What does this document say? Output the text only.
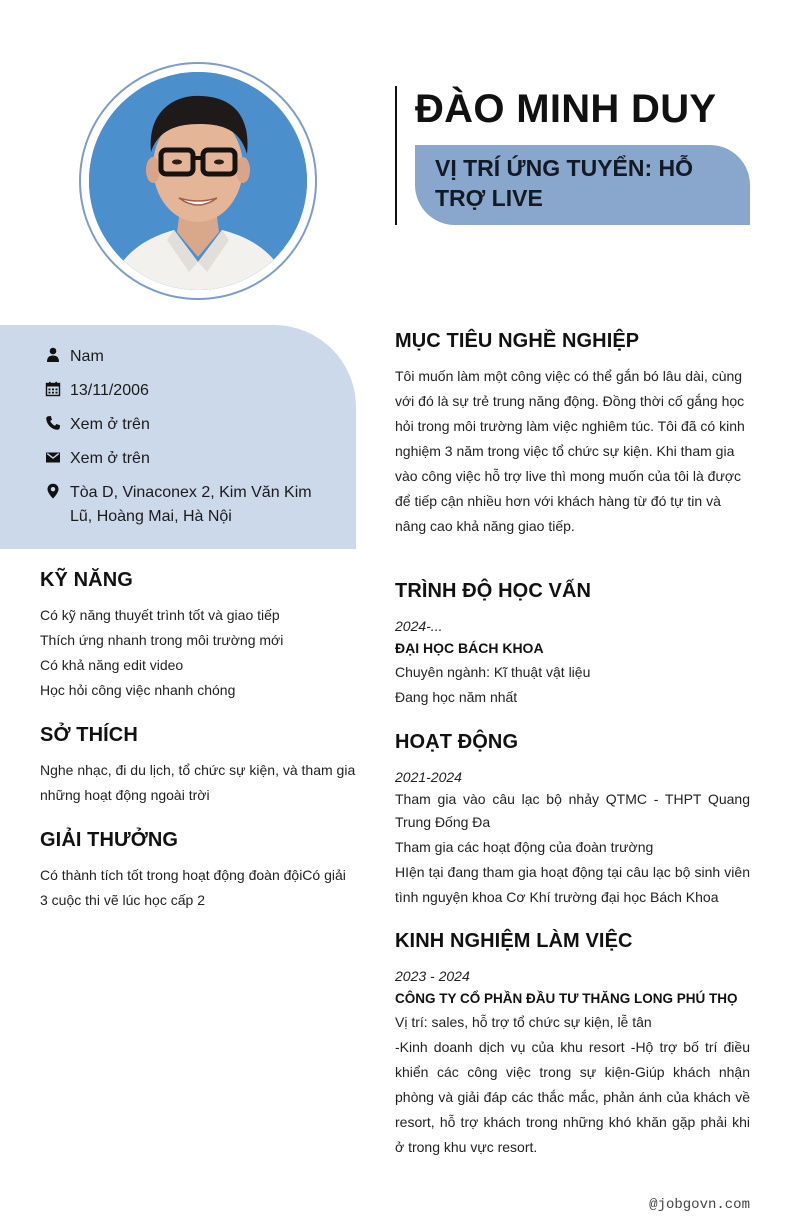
ĐÀO MINH DUY
VỊ TRÍ ỨNG TUYỂN: HỖ TRỢ LIVE
Nam
13/11/2006
Xem ở trên
Xem ở trên
Tòa D, Vinaconex 2, Kim Văn Kim Lũ, Hoàng Mai, Hà Nội
KỸ NĂNG
Có kỹ năng thuyết trình tốt và giao tiếp
Thích ứng nhanh trong môi trường mới
Có khả năng edit video
Học hỏi công việc nhanh chóng
SỞ THÍCH
Nghe nhạc, đi du lịch, tổ chức sự kiện, và tham gia những hoạt động ngoài trời
GIẢI THƯỞNG
Có thành tích tốt trong hoạt động đoàn độiCó giải 3 cuộc thi vẽ lúc học cấp 2
MỤC TIÊU NGHỀ NGHIỆP
Tôi muốn làm một công việc có thể gắn bó lâu dài, cùng với đó là sự trẻ trung năng động. Đồng thời cố gắng học hỏi trong môi trường làm việc nghiêm túc. Tôi đã có kinh nghiệm 3 năm trong việc tổ chức sự kiện. Khi tham gia vào công việc hỗ trợ live thì mong muốn của tôi là được để tiếp cận nhiều hơn với khách hàng từ đó tự tin và nâng cao khả năng giao tiếp.
TRÌNH ĐỘ HỌC VẤN
2024-...
ĐẠI HỌC BÁCH KHOA
Chuyên ngành: Kĩ thuật vật liệu
Đang học năm nhất
HOẠT ĐỘNG
2021-2024
Tham gia vào câu lạc bộ nhảy QTMC - THPT Quang Trung Đống Đa
Tham gia các hoạt động của đoàn trường
HIện tại đang tham gia hoạt động tại câu lạc bộ sinh viên tình nguyện khoa Cơ Khí trường đại học Bách Khoa
KINH NGHIỆM LÀM VIỆC
2023 - 2024
CÔNG TY CỔ PHẦN ĐẦU TƯ THĂNG LONG PHÚ THỌ
Vị trí: sales, hỗ trợ tổ chức sự kiện, lễ tân
-Kinh doanh dịch vụ của khu resort -Hộ trợ bố trí điều khiển các công việc trong sự kiện-Giúp khách nhận phòng và giải đáp các thắc mắc, phản ánh của khách về resort, hỗ trợ khách trong những khó khăn gặp phải khi ở trong khu vực resort.
@jobgovn.com
